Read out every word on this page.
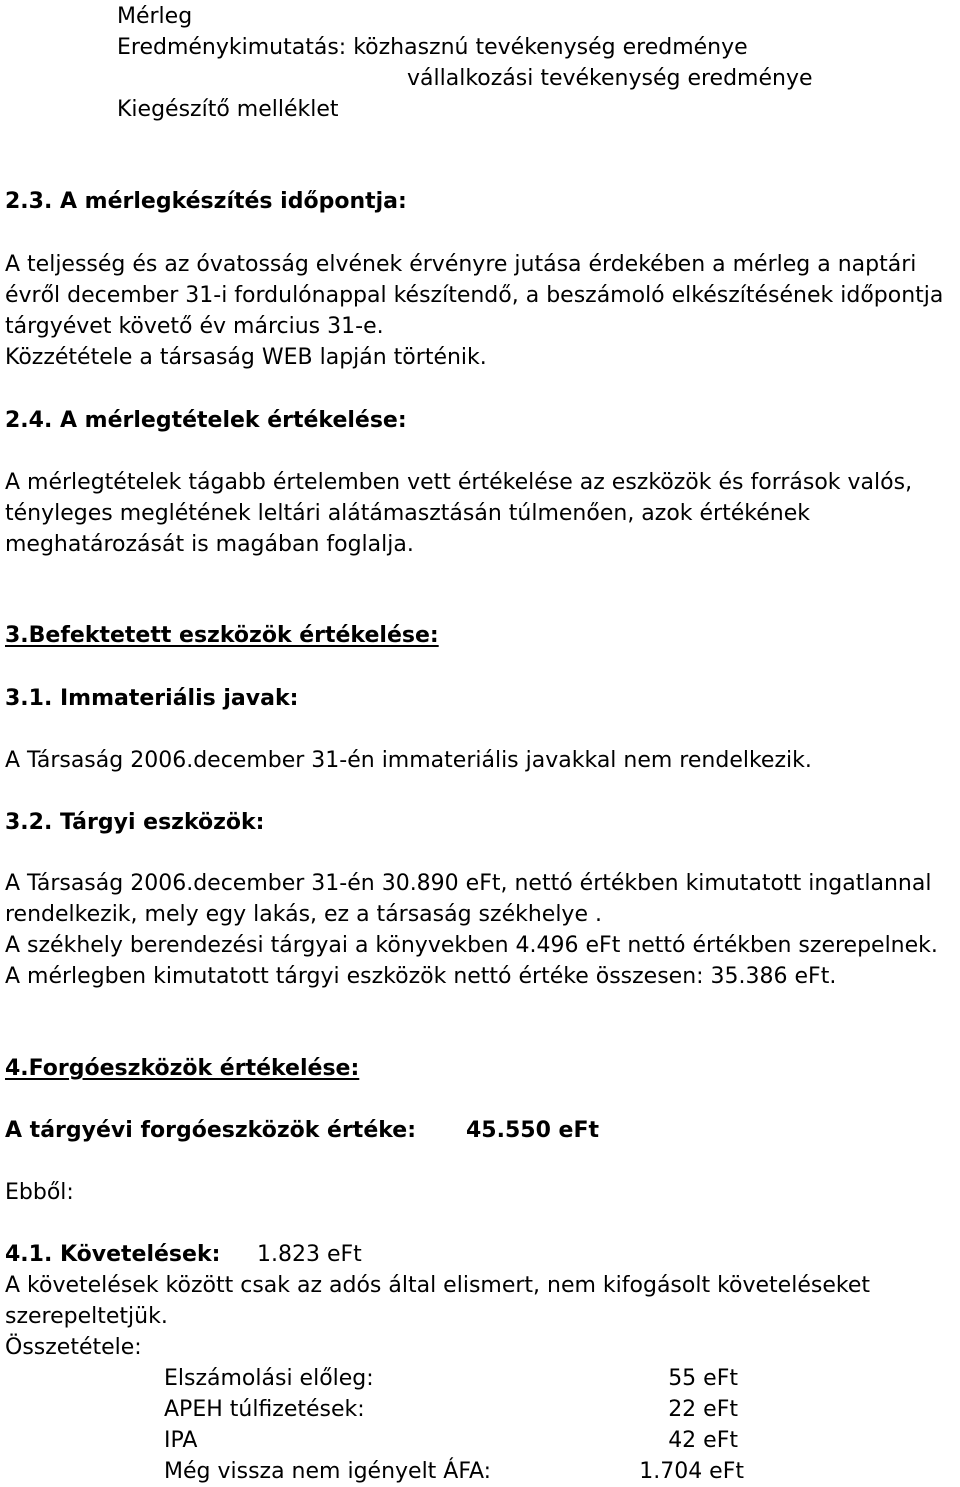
Mérleg
Eredménykimutatás: közhasznú tevékenység eredménye
vállalkozási tevékenység eredménye
Kiegészítő melléklet
2.3. A mérlegkészítés időpontja:
A teljesség és az óvatosság elvének érvényre jutása érdekében a mérleg a naptári
évről december 31-i fordulónappal készítendő, a beszámoló elkészítésének időpontja
tárgyévet követő év március 31-e.
Közzététele a társaság WEB lapján történik.
2.4. A mérlegtételek értékelése:
A mérlegtételek tágabb értelemben vett értékelése az eszközök és források valós,
tényleges meglétének leltári alátámasztásán túlmenően, azok értékének
meghatározását is magában foglalja.
3.Befektetett eszközök értékelése:
3.1. Immateriális javak:
A Társaság 2006.december 31-én immateriális javakkal nem rendelkezik.
3.2. Tárgyi eszközök:
A Társaság 2006.december 31-én 30.890 eFt, nettó értékben kimutatott ingatlannal
rendelkezik, mely egy lakás, ez a társaság székhelye .
A székhely berendezési tárgyai a könyvekben 4.496 eFt nettó értékben szerepelnek.
A mérlegben kimutatott tárgyi eszközök nettó értéke összesen: 35.386 eFt.
4.Forgóeszközök értékelése:
A tárgyévi forgóeszközök értéke: 45.550 eFt
Ebből:
4.1. Követelések: 1.823 eFt
A követelések között csak az adós által elismert, nem kifogásolt követeléseket
szerepeltetjük.
Összetétele:
Elszámolási előleg:	55 eFt
APEH túlfizetések:	22 eFt
IPA	42 eFt
Még vissza nem igényelt ÁFA:	1.704 eFt
